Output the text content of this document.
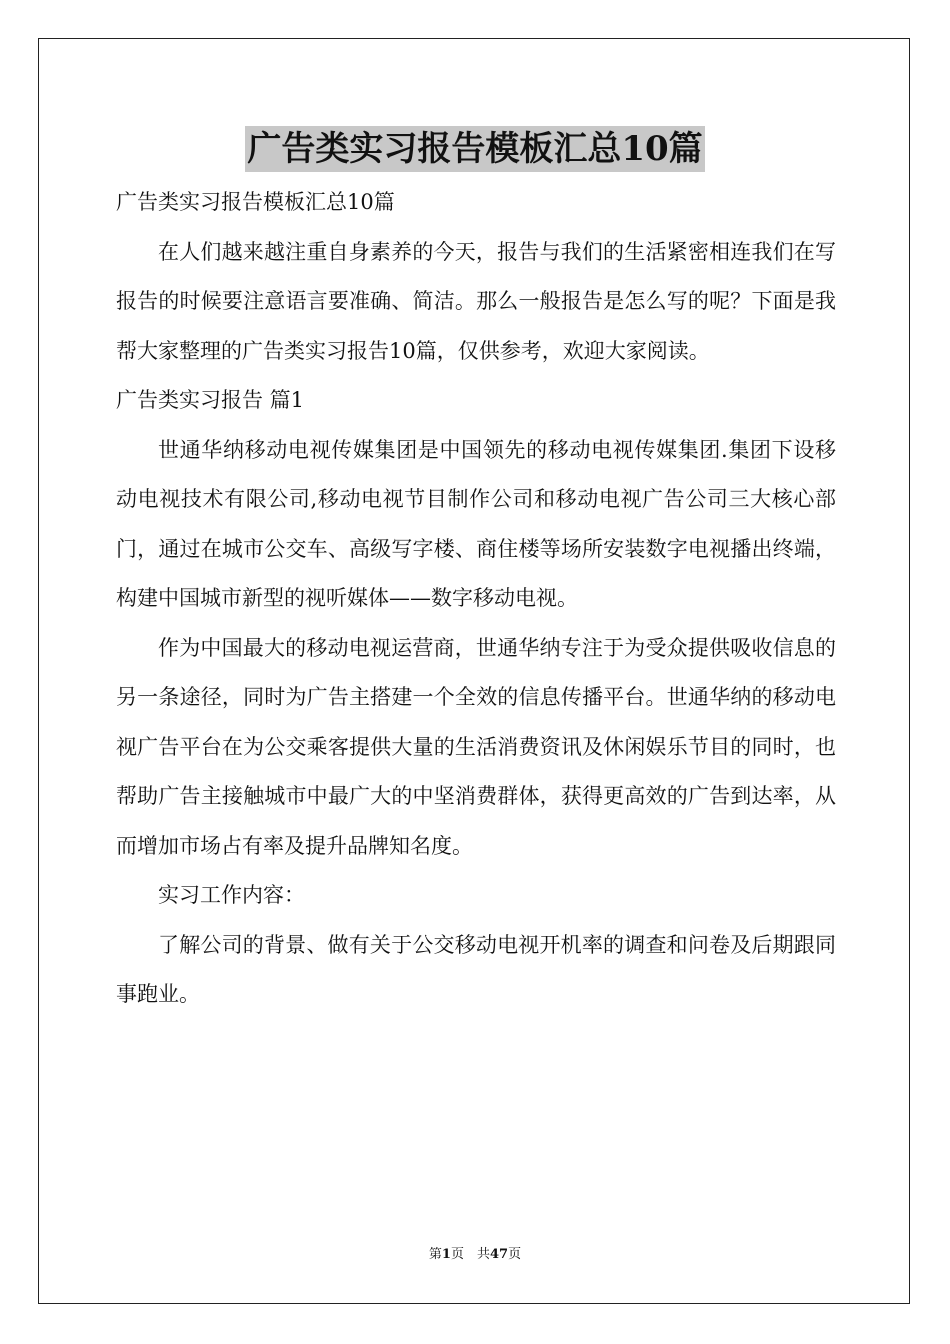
广告类实习报告模板汇总10篇

广告类实习报告模板汇总10篇

在人们越来越注重自身素养的今天，报告与我们的生活紧密相连我们在写报告的时候要注意语言要准确、简洁。那么一般报告是怎么写的呢？下面是我帮大家整理的广告类实习报告10篇，仅供参考，欢迎大家阅读。

广告类实习报告 篇1

世通华纳移动电视传媒集团是中国领先的移动电视传媒集团.集团下设移动电视技术有限公司,移动电视节目制作公司和移动电视广告公司三大核心部门，通过在城市公交车、高级写字楼、商住楼等场所安装数字电视播出终端，构建中国城市新型的视听媒体——数字移动电视。

作为中国最大的移动电视运营商，世通华纳专注于为受众提供吸收信息的另一条途径，同时为广告主搭建一个全效的信息传播平台。世通华纳的移动电视广告平台在为公交乘客提供大量的生活消费资讯及休闲娱乐节目的同时，也帮助广告主接触城市中最广大的中坚消费群体，获得更高效的广告到达率，从而增加市场占有率及提升品牌知名度。

实习工作内容：

了解公司的背景、做有关于公交移动电视开机率的调查和问卷及后期跟同事跑业。

第1页　共47页
